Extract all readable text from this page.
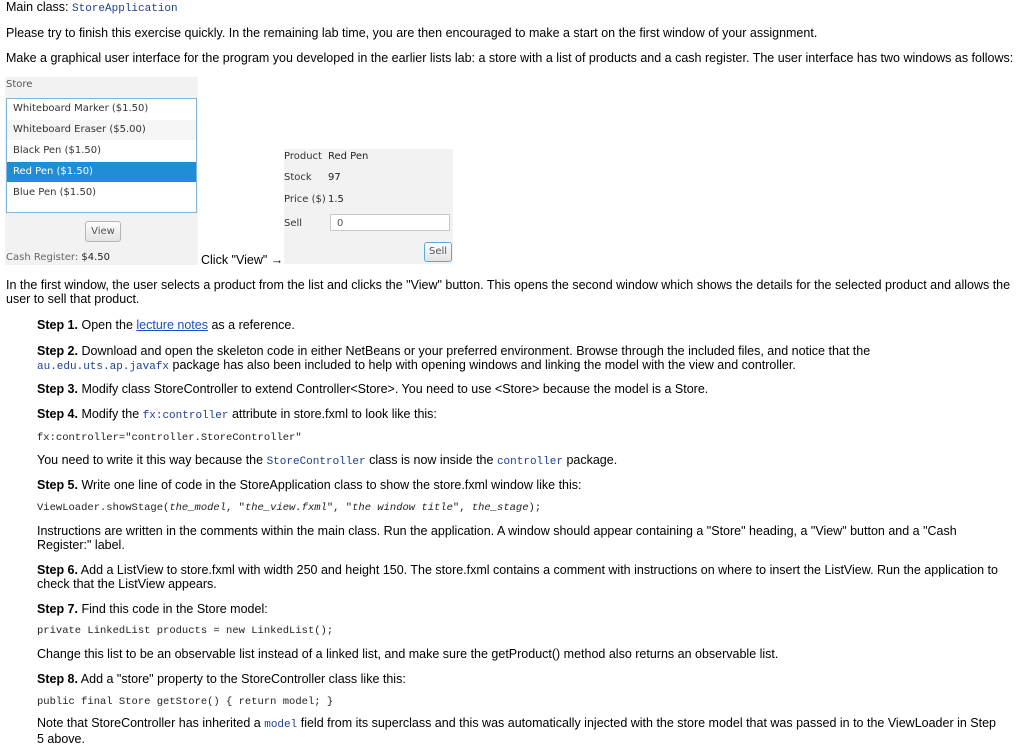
Main class: StoreApplication

Please try to finish this exercise quickly. In the remaining lab time, you are then encouraged to make a start on the first window of your assignment.

Make a graphical user interface for the program you developed in the earlier lists lab: a store with a list of products and a cash register. The user interface has two windows as follows:

Store
Whiteboard Marker ($1.50)
Whiteboard Eraser ($5.00)
Black Pen ($1.50)
Red Pen ($1.50)
Blue Pen ($1.50)
View
Cash Register: $4.50	Click "View" →
Product Red Pen
Stock 97
Price ($) 1.5
Sell	0
Sell

In the first window, the user selects a product from the list and clicks the "View" button. This opens the second window which shows the details for the selected product and allows the user to sell that product.

Step 1. Open the lecture notes as a reference.

Step 2. Download and open the skeleton code in either NetBeans or your preferred environment. Browse through the included files, and notice that the au.edu.uts.ap.javafx package has also been included to help with opening windows and linking the model with the view and controller.

Step 3. Modify class StoreController to extend Controller<Store>. You need to use <Store> because the model is a Store.

Step 4. Modify the fx:controller attribute in store.fxml to look like this:

fx:controller="controller.StoreController"

You need to write it this way because the StoreController class is now inside the controller package.

Step 5. Write one line of code in the StoreApplication class to show the store.fxml window like this:

ViewLoader.showStage(the_model, "the_view.fxml", "the window title", the_stage);

Instructions are written in the comments within the main class. Run the application. A window should appear containing a "Store" heading, a "View" button and a "Cash Register:" label.

Step 6. Add a ListView to store.fxml with width 250 and height 150. The store.fxml contains a comment with instructions on where to insert the ListView. Run the application to check that the ListView appears.

Step 7. Find this code in the Store model:

private LinkedList products = new LinkedList();

Change this list to be an observable list instead of a linked list, and make sure the getProduct() method also returns an observable list.

Step 8. Add a "store" property to the StoreController class like this:

public final Store getStore() { return model; }

Note that StoreController has inherited a model field from its superclass and this was automatically injected with the store model that was passed in to the ViewLoader in Step 5 above.
